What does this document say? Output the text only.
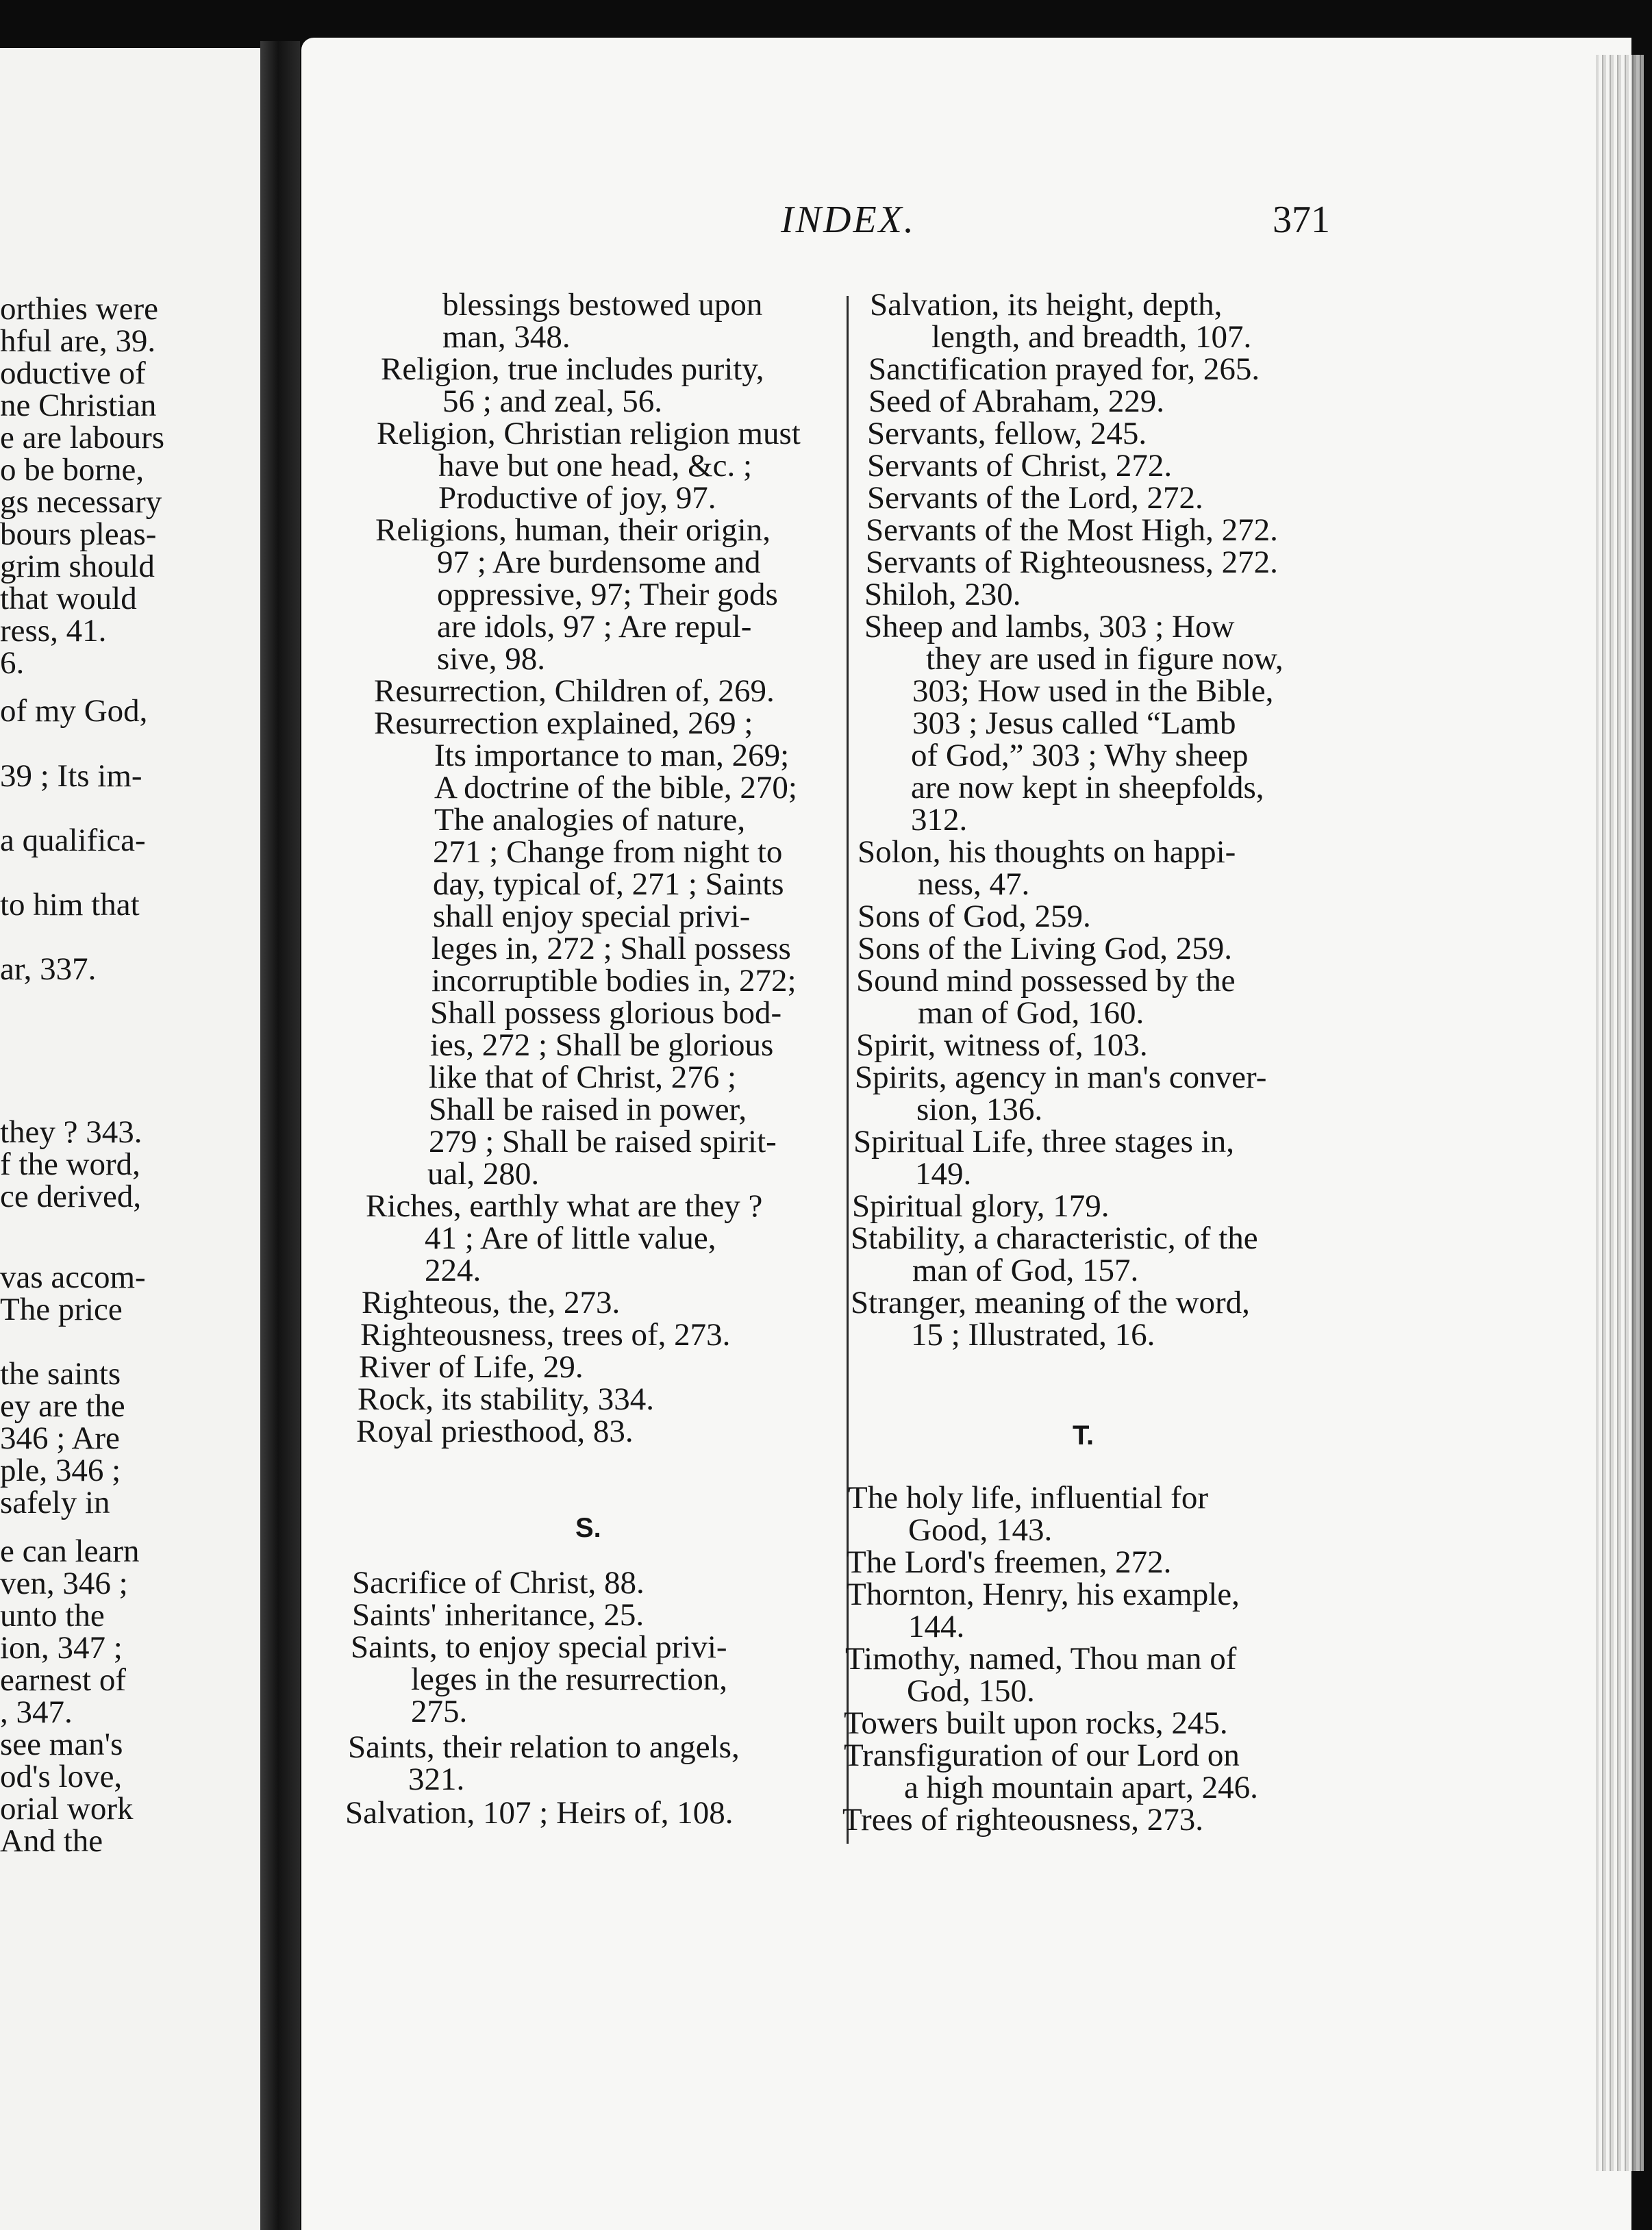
orthies were
hful are, 39.
oductive of
ne Christian
e are labours
o be borne,
gs necessary
bours pleas-
grim should
that would
ress, 41.
6.
of my God,
39 ; Its im-
a qualifica-
to him that
ar, 337.
they ? 343.
f the word,
ce derived,
vas accom-
The price
the saints
ey are the
346 ; Are
ple, 346 ;
safely in
e can learn
ven, 346 ;
unto the
ion, 347 ;
earnest of
, 347.
see man's
od's love,
orial work
And the
INDEX.	371
blessings bestowed upon
man, 348.
Religion, true includes purity,
56 ; and zeal, 56.
Religion, Christian religion must
have but one head, &c. ;
Productive of joy, 97.
Religions, human, their origin,
97 ; Are burdensome and
oppressive, 97; Their gods
are idols, 97 ; Are repul-
sive, 98.
Resurrection, Children of, 269.
Resurrection explained, 269 ;
Its importance to man, 269;
A doctrine of the bible, 270;
The analogies of nature,
271 ; Change from night to
day, typical of, 271 ; Saints
shall enjoy special privi-
leges in, 272 ; Shall possess
incorruptible bodies in, 272;
Shall possess glorious bod-
ies, 272 ; Shall be glorious
like that of Christ, 276 ;
Shall be raised in power,
279 ; Shall be raised spirit-
ual, 280.
Riches, earthly what are they ?
41 ; Are of little value,
224.
Righteous, the, 273.
Righteousness, trees of, 273.
River of Life, 29.
Rock, its stability, 334.
Royal priesthood, 83.
S.
Sacrifice of Christ, 88.
Saints' inheritance, 25.
Saints, to enjoy special privi-
leges in the resurrection,
275.
Saints, their relation to angels,
321.
Salvation, 107 ; Heirs of, 108.
Salvation, its height, depth,
length, and breadth, 107.
Sanctification prayed for, 265.
Seed of Abraham, 229.
Servants, fellow, 245.
Servants of Christ, 272.
Servants of the Lord, 272.
Servants of the Most High, 272.
Servants of Righteousness, 272.
Shiloh, 230.
Sheep and lambs, 303 ; How
they are used in figure now,
303; How used in the Bible,
303 ; Jesus called “Lamb
of God,” 303 ; Why sheep
are now kept in sheepfolds,
312.
Solon, his thoughts on happi-
ness, 47.
Sons of God, 259.
Sons of the Living God, 259.
Sound mind possessed by the
man of God, 160.
Spirit, witness of, 103.
Spirits, agency in man's conver-
sion, 136.
Spiritual Life, three stages in,
149.
Spiritual glory, 179.
Stability, a characteristic, of the
man of God, 157.
Stranger, meaning of the word,
15 ; Illustrated, 16.
T.
The holy life, influential for
Good, 143.
The Lord's freemen, 272.
Thornton, Henry, his example,
144.
Timothy, named, Thou man of
God, 150.
Towers built upon rocks, 245.
Transfiguration of our Lord on
a high mountain apart, 246.
Trees of righteousness, 273.
